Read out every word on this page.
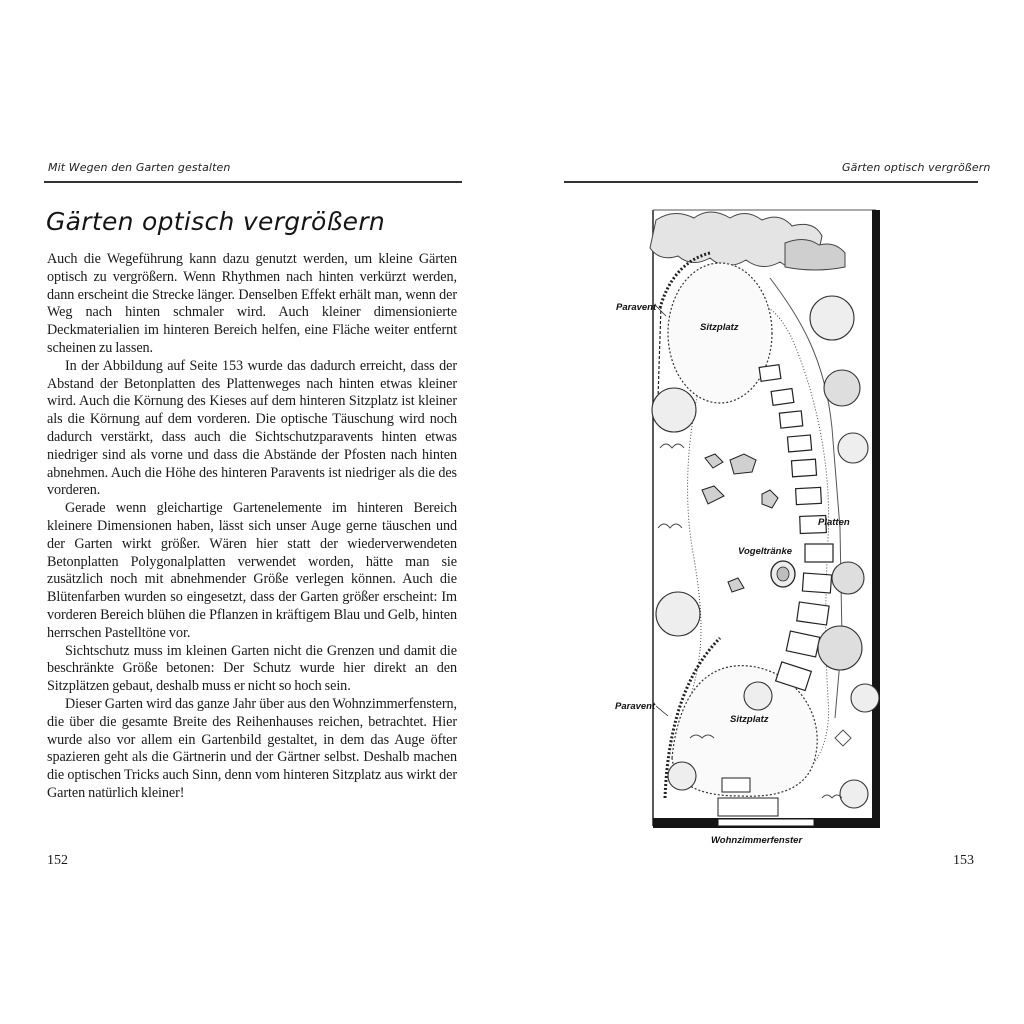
Mit Wegen den Garten gestalten	Gärten optisch vergrößern
Gärten optisch vergrößern

Auch die Wegeführung kann dazu genutzt werden, um kleine Gärten optisch zu vergrößern. Wenn Rhythmen nach hinten verkürzt werden, dann erscheint die Strecke länger. Denselben Effekt erhält man, wenn der Weg nach hinten schmaler wird. Auch kleiner dimensionierte Deckmaterialien im hinteren Bereich helfen, eine Fläche weiter entfernt scheinen zu lassen.

In der Abbildung auf Seite 153 wurde das dadurch erreicht, dass der Abstand der Betonplatten des Plattenweges nach hinten etwas kleiner wird. Auch die Körnung des Kieses auf dem hinteren Sitzplatz ist kleiner als die Körnung auf dem vorderen. Die optische Täuschung wird noch dadurch verstärkt, dass auch die Sichtschutzparavents hinten etwas niedriger sind als vorne und dass die Abstände der Pfosten nach hinten abnehmen. Auch die Höhe des hinteren Paravents ist niedriger als die des vorderen.

Gerade wenn gleichartige Gartenelemente im hinteren Bereich kleinere Dimensionen haben, lässt sich unser Auge gerne täuschen und der Garten wirkt größer. Wären hier statt der wiederverwendeten Betonplatten Polygonalplatten verwendet worden, hätte man sie zusätzlich noch mit abnehmender Größe verlegen können. Auch die Blütenfarben wurden so eingesetzt, dass der Garten größer erscheint: Im vorderen Bereich blühen die Pflanzen in kräftigem Blau und Gelb, hinten herrschen Pastelltöne vor.

Sichtschutz muss im kleinen Garten nicht die Grenzen und damit die beschränkte Größe betonen: Der Schutz wurde hier direkt an den Sitzplätzen gebaut, deshalb muss er nicht so hoch sein.

Dieser Garten wird das ganze Jahr über aus den Wohnzimmerfenstern, die über die gesamte Breite des Reihenhauses reichen, betrachtet. Hier wurde also vor allem ein Gartenbild gestaltet, in dem das Auge öfter spazieren geht als die Gärtnerin und der Gärtner selbst. Deshalb machen die optischen Tricks auch Sinn, denn vom hinteren Sitzplatz aus wirkt der Garten natürlich kleiner!

152	153
Paravent
Sitzplatz
Platten
Vogeltränke
Paravent
Sitzplatz
Wohnzimmerfenster
